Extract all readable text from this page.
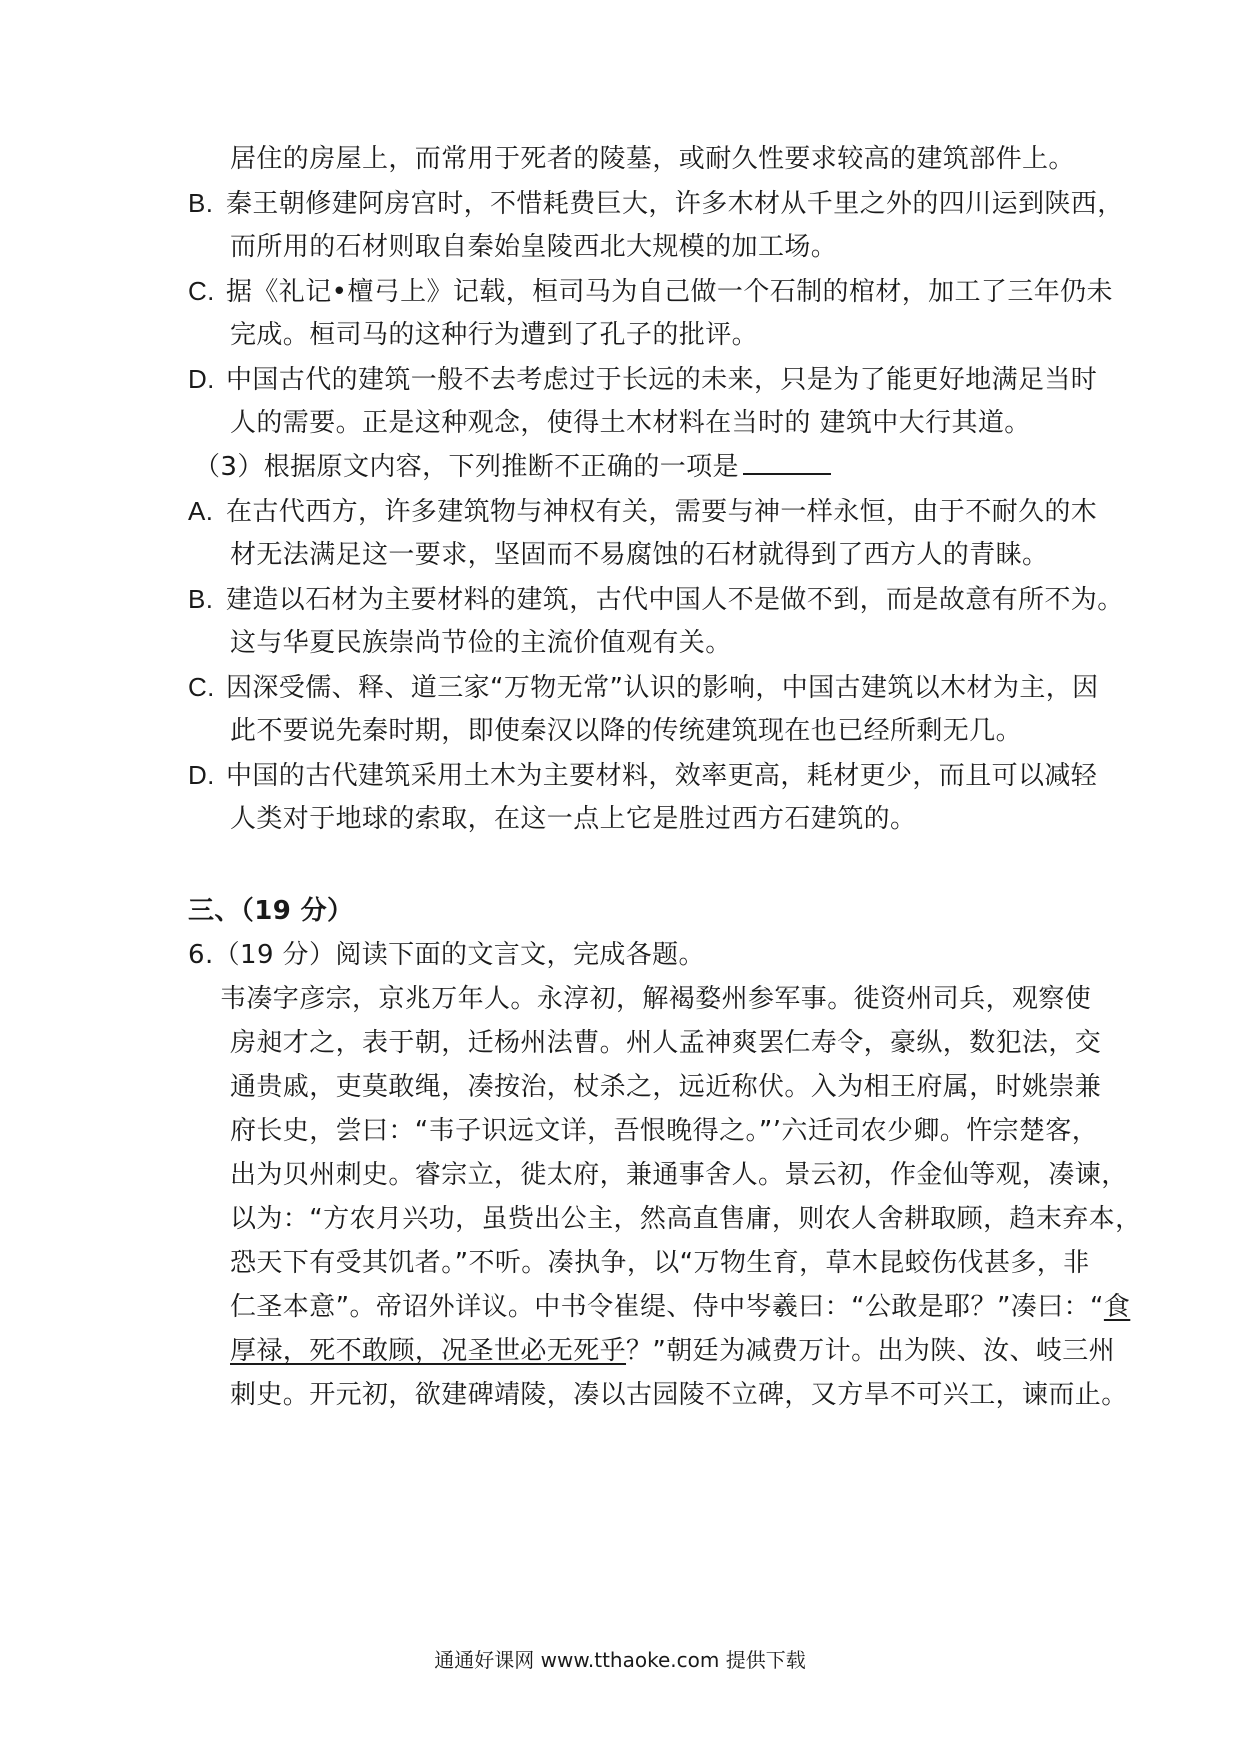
居住的房屋上，而常用于死者的陵墓，或耐久性要求较高的建筑部件上。
B. 秦王朝修建阿房宫时，不惜耗费巨大，许多木材从千里之外的四川运到陕西，
而所用的石材则取自秦始皇陵西北大规模的加工场。
C. 据《礼记•檀弓上》记载，桓司马为自己做一个石制的棺材，加工了三年仍未
完成。桓司马的这种行为遭到了孔子的批评。
D. 中国古代的建筑一般不去考虑过于长远的未来，只是为了能更好地满足当时
人的需要。正是这种观念，使得土木材料在当时的 建筑中大行其道。
（3）根据原文内容，下列推断不正确的一项是
A. 在古代西方，许多建筑物与神权有关，需要与神一样永恒，由于不耐久的木
材无法满足这一要求，坚固而不易腐蚀的石材就得到了西方人的青睐。
B. 建造以石材为主要材料的建筑，古代中国人不是做不到，而是故意有所不为。
这与华夏民族崇尚节俭的主流价值观有关。
C. 因深受儒、释、道三家“万物无常”认识的影响，中国古建筑以木材为主，因
此不要说先秦时期，即使秦汉以降的传统建筑现在也已经所剩无几。
D. 中国的古代建筑采用土木为主要材料，效率更高，耗材更少，而且可以减轻
人类对于地球的索取，在这一点上它是胜过西方石建筑的。
三、（19 分）
6.（19 分）阅读下面的文言文，完成各题。
韦凑字彦宗，京兆万年人。永淳初，解褐婺州参军事。徙资州司兵，观察使
房昶才之，表于朝，迁杨州法曹。州人孟神爽罢仁寿令，豪纵，数犯法，交
通贵戚，吏莫敢绳，凑按治，杖杀之，远近称伏。入为相王府属，时姚崇兼
府长史，尝曰：“韦子识远文详，吾恨晚得之。”’六迁司农少卿。忤宗楚客，
出为贝州刺史。睿宗立，徙太府，兼通事舍人。景云初，作金仙等观，凑谏，
以为：“方农月兴功，虽赀出公主，然高直售庸，则农人舍耕取顾，趋末弃本，
恐天下有受其饥者。”不听。凑执争，以“万物生育，草木昆蛟伤伐甚多，非
仁圣本意”。帝诏外详议。中书令崔缇、侍中岑羲曰：“公敢是耶？”凑曰：“食
厚禄，死不敢顾，况圣世必无死乎？”朝廷为减费万计。出为陕、汝、岐三州
刺史。开元初，欲建碑靖陵，凑以古园陵不立碑，又方旱不可兴工，谏而止。
通通好课网 www.tthaoke.com 提供下载
